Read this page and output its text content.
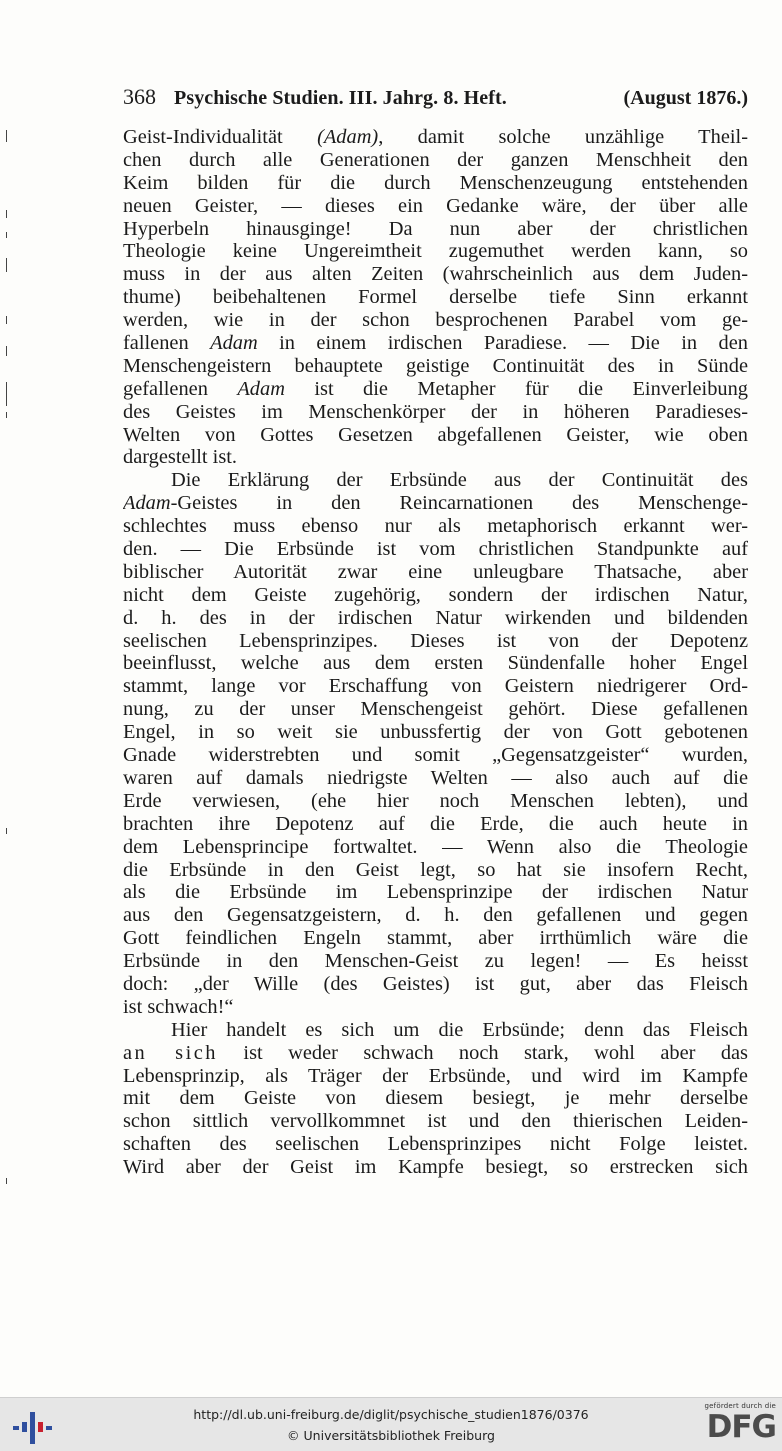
368 Psychische Studien. III. Jahrg. 8. Heft.	(August 1876.)
Geist-Individualität (Adam), damit solche unzählige Theil-
chen durch alle Generationen der ganzen Menschheit den
Keim bilden für die durch Menschenzeugung entstehenden
neuen Geister, — dieses ein Gedanke wäre, der über alle
Hyperbeln hinausginge! Da nun aber der christlichen
Theologie keine Ungereimtheit zugemuthet werden kann, so
muss in der aus alten Zeiten (wahrscheinlich aus dem Juden-
thume) beibehaltenen Formel derselbe tiefe Sinn erkannt
werden, wie in der schon besprochenen Parabel vom ge-
fallenen Adam in einem irdischen Paradiese. — Die in den
Menschengeistern behauptete geistige Continuität des in Sünde
gefallenen Adam ist die Metapher für die Einverleibung
des Geistes im Menschenkörper der in höheren Paradieses-
Welten von Gottes Gesetzen abgefallenen Geister, wie oben
dargestellt ist.
Die Erklärung der Erbsünde aus der Continuität des
Adam-Geistes in den Reincarnationen des Menschenge-
schlechtes muss ebenso nur als metaphorisch erkannt wer-
den. — Die Erbsünde ist vom christlichen Standpunkte auf
biblischer Autorität zwar eine unleugbare Thatsache, aber
nicht dem Geiste zugehörig, sondern der irdischen Natur,
d. h. des in der irdischen Natur wirkenden und bildenden
seelischen Lebensprinzipes. Dieses ist von der Depotenz
beeinflusst, welche aus dem ersten Sündenfalle hoher Engel
stammt, lange vor Erschaffung von Geistern niedrigerer Ord-
nung, zu der unser Menschengeist gehört. Diese gefallenen
Engel, in so weit sie unbussfertig der von Gott gebotenen
Gnade widerstrebten und somit „Gegensatzgeister“ wurden,
waren auf damals niedrigste Welten — also auch auf die
Erde verwiesen, (ehe hier noch Menschen lebten), und
brachten ihre Depotenz auf die Erde, die auch heute in
dem Lebensprincipe fortwaltet. — Wenn also die Theologie
die Erbsünde in den Geist legt, so hat sie insofern Recht,
als die Erbsünde im Lebensprinzipe der irdischen Natur
aus den Gegensatzgeistern, d. h. den gefallenen und gegen
Gott feindlichen Engeln stammt, aber irrthümlich wäre die
Erbsünde in den Menschen-Geist zu legen! — Es heisst
doch: „der Wille (des Geistes) ist gut, aber das Fleisch
ist schwach!“
Hier handelt es sich um die Erbsünde; denn das Fleisch
an sich ist weder schwach noch stark, wohl aber das
Lebensprinzip, als Träger der Erbsünde, und wird im Kampfe
mit dem Geiste von diesem besiegt, je mehr derselbe
schon sittlich vervollkommnet ist und den thierischen Leiden-
schaften des seelischen Lebensprinzipes nicht Folge leistet.
Wird aber der Geist im Kampfe besiegt, so erstrecken sich
http://dl.ub.uni-freiburg.de/diglit/psychische_studien1876/0376
© Universitätsbibliothek Freiburg
gefördert durch die
DFG
